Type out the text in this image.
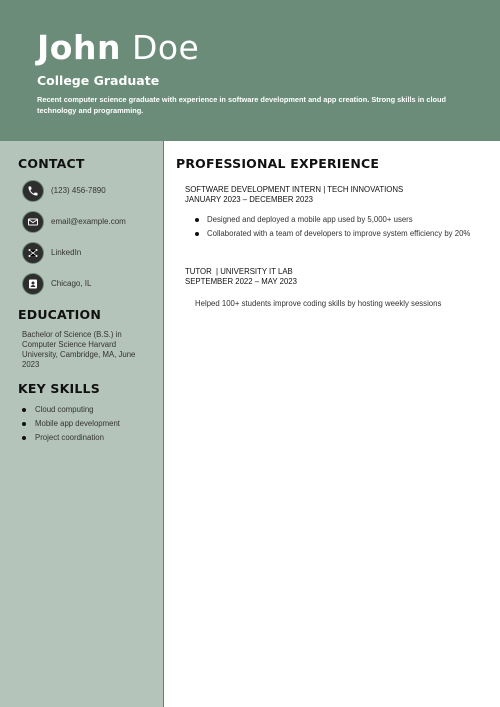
John Doe
College Graduate
Recent computer science graduate with experience in software development and app creation. Strong skills in cloud technology and programming.
CONTACT
(123) 456-7890
email@example.com
LinkedIn
Chicago, IL
EDUCATION
Bachelor of Science (B.S.) in Computer Science Harvard University, Cambridge, MA, June 2023
KEY SKILLS
Cloud computing
Mobile app development
Project coordination
PROFESSIONAL EXPERIENCE
SOFTWARE DEVELOPMENT INTERN | TECH INNOVATIONS
JANUARY 2023 – DECEMBER 2023
Designed and deployed a mobile app used by 5,000+ users
Collaborated with a team of developers to improve system efficiency by 20%
TUTOR  | UNIVERSITY IT LAB
SEPTEMBER 2022 – MAY 2023
Helped 100+ students improve coding skills by hosting weekly sessions
